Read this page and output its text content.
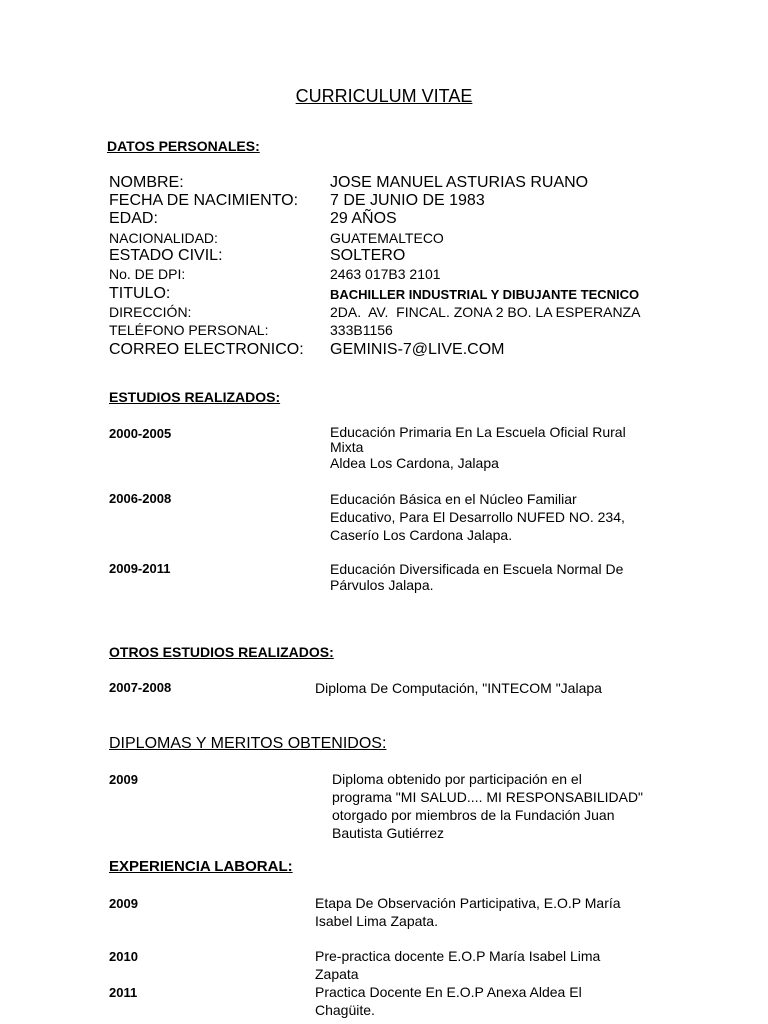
CURRICULUM VITAE
DATOS PERSONALES:
NOMBRE:	JOSE MANUEL ASTURIAS RUANO
FECHA DE NACIMIENTO: 7 DE JUNIO DE 1983
EDAD:	29 AÑOS
NACIONALIDAD:	GUATEMALTECO
ESTADO CIVIL:	SOLTERO
No. DE DPI:	2463 017B3 2101
TITULO:	BACHILLER INDUSTRIAL Y DIBUJANTE TECNICO
DIRECCIÓN:	2DA.  AV.  FINCAL. ZONA 2 BO. LA ESPERANZA
TELÉFONO PERSONAL:	333B1156
CORREO ELECTRONICO: GEMINIS-7@LIVE.COM
ESTUDIOS REALIZADOS:
2000-2005	Educación Primaria En La Escuela Oficial Rural
Mixta
Aldea Los Cardona, Jalapa
2006-2008	Educación Básica en el Núcleo Familiar
Educativo, Para El Desarrollo NUFED NO. 234,
Caserío Los Cardona Jalapa.
2009-2011	Educación Diversificada en Escuela Normal De
Párvulos Jalapa.
OTROS ESTUDIOS REALIZADOS:
2007-2008	Diploma De Computación, "INTECOM "Jalapa
DIPLOMAS Y MERITOS OBTENIDOS:
2009	Diploma obtenido por participación en el
programa "MI SALUD.... MI RESPONSABILIDAD"
otorgado por miembros de la Fundación Juan
Bautista Gutiérrez
EXPERIENCIA LABORAL:
2009	Etapa De Observación Participativa, E.O.P María
Isabel Lima Zapata.
2010	Pre-practica docente E.O.P María Isabel Lima
Zapata
2011	Practica Docente En E.O.P Anexa Aldea El
Chagüite.
